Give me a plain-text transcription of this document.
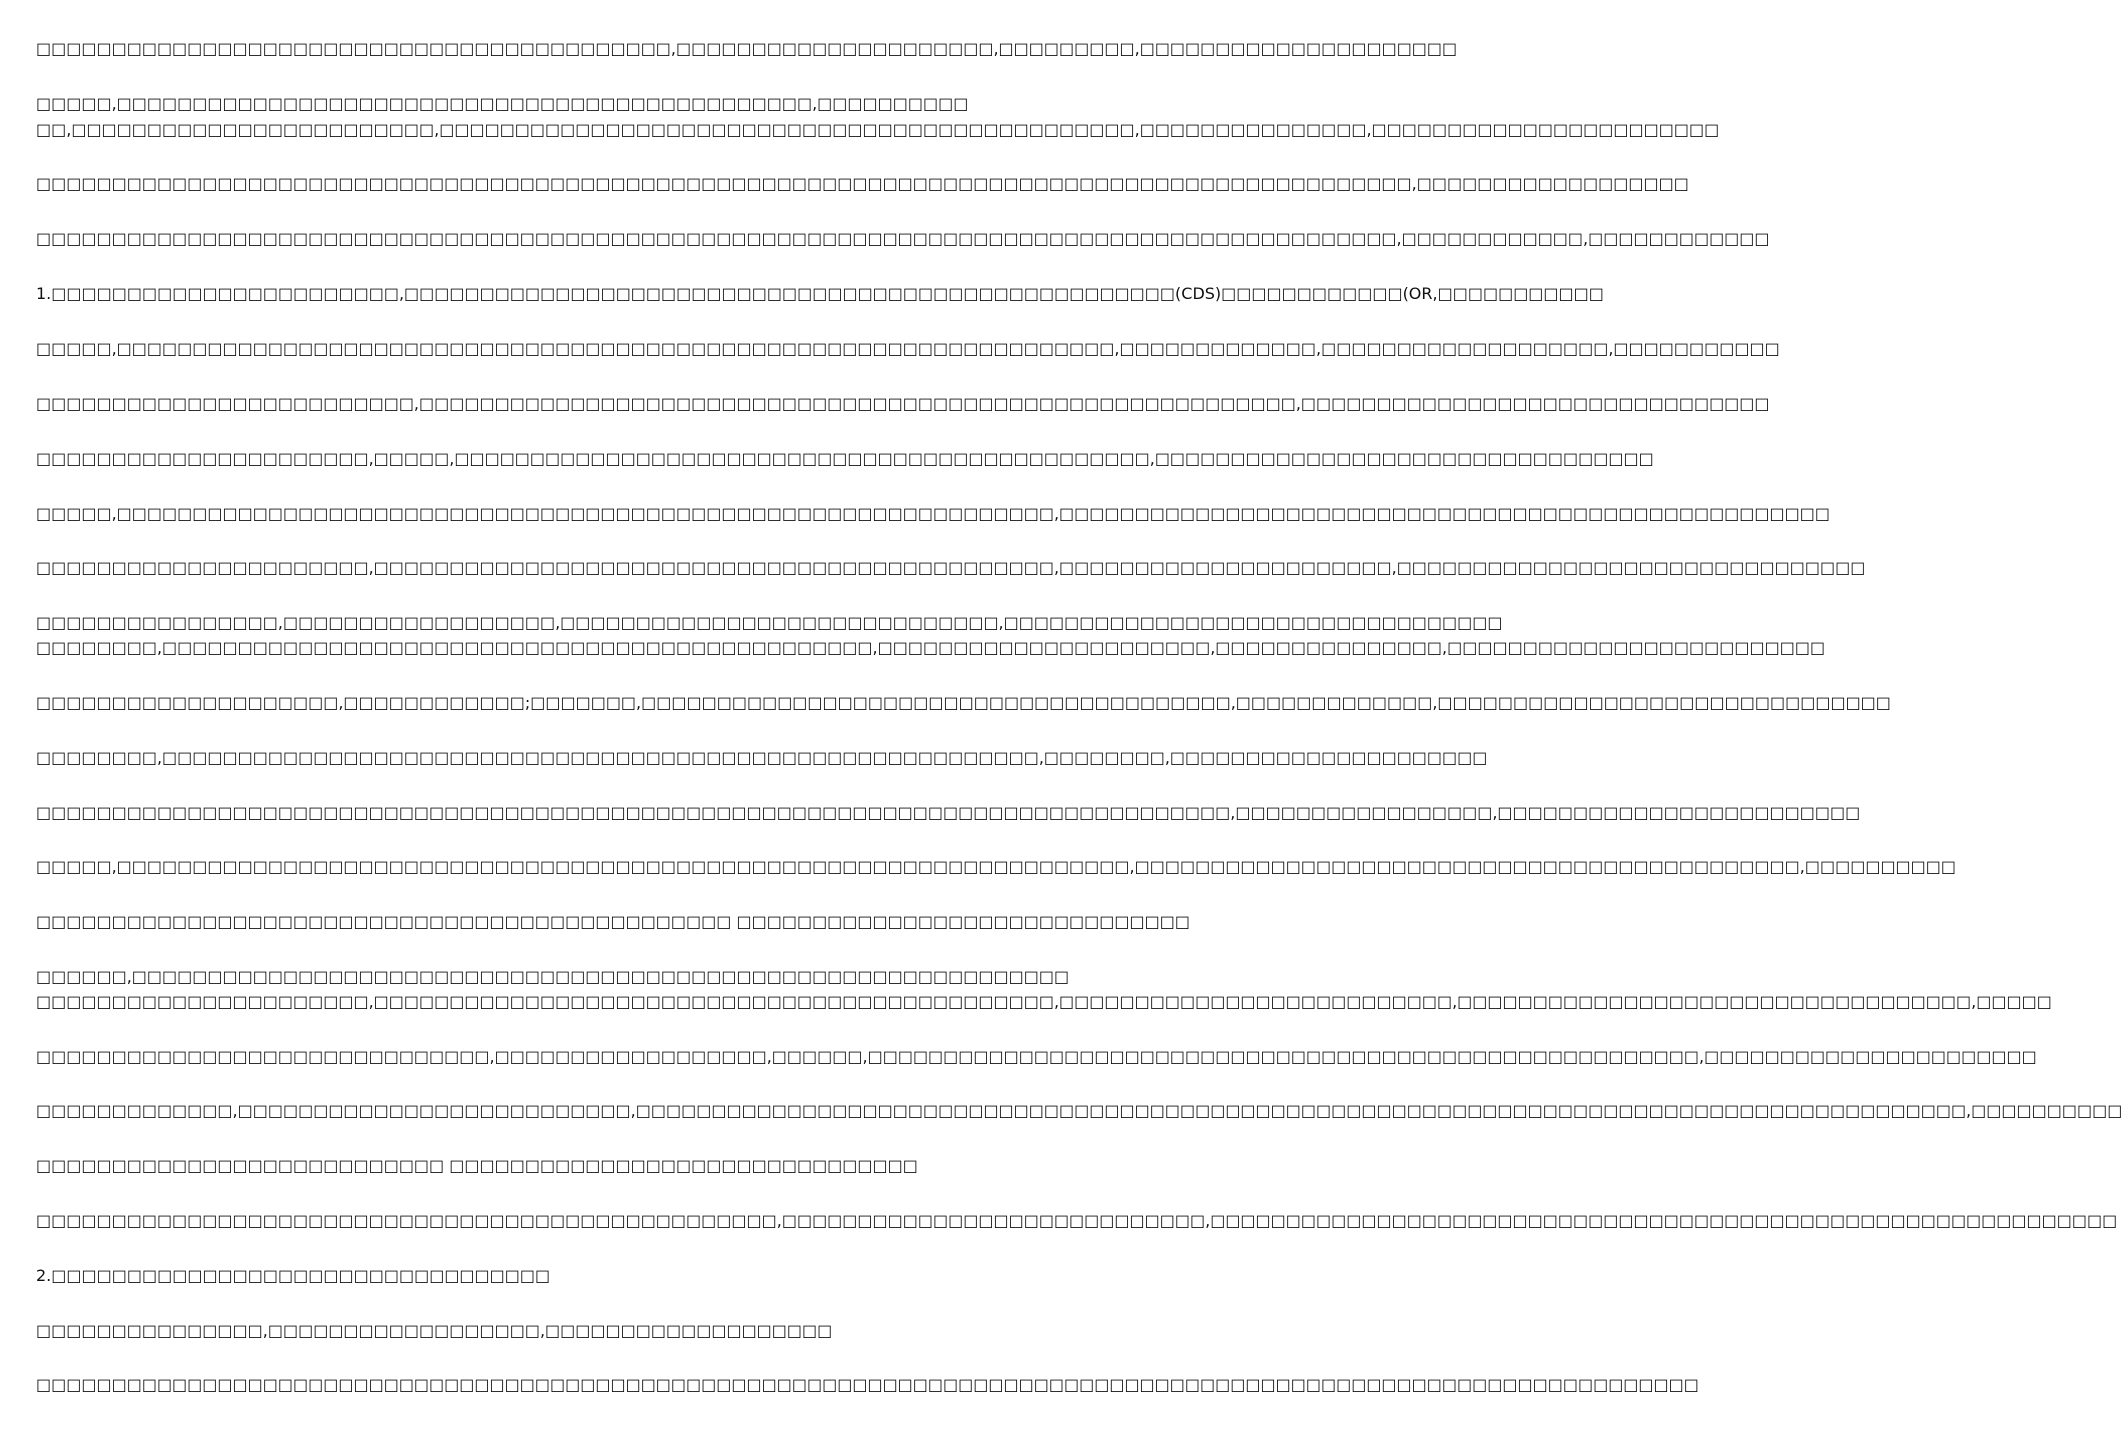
□□□□□□□□□□□□□□□□□□□□□□□□□□□□□□□□□□□□□□□□□□,□□□□□□□□□□□□□□□□□□□□□,□□□□□□□□□,□□□□□□□□□□□□□□□□□□□□□
□□□□□,□□□□□□□□□□□□□□□□□□□□□□□□□□□□□□□□□□□□□□□□□□□□□□,□□□□□□□□□□
□□,□□□□□□□□□□□□□□□□□□□□□□□□,□□□□□□□□□□□□□□□□□□□□□□□□□□□□□□□□□□□□□□□□□□□□□□,□□□□□□□□□□□□□□□,□□□□□□□□□□□□□□□□□□□□□□□
□□□□□□□□□□□□□□□□□□□□□□□□□□□□□□□□□□□□□□□□□□□□□□□□□□□□□□□□□□□□□□□□□□□□□□□□□□□□□□□□□□□□□□□□□□□,□□□□□□□□□□□□□□□□□□
□□□□□□□□□□□□□□□□□□□□□□□□□□□□□□□□□□□□□□□□□□□□□□□□□□□□□□□□□□□□□□□□□□□□□□□□□□□□□□□□□□□□□□□□□□,□□□□□□□□□□□□,□□□□□□□□□□□□
1.□□□□□□□□□□□□□□□□□□□□□□□,□□□□□□□□□□□□□□□□□□□□□□□□□□□□□□□□□□□□□□□□□□□□□□□□□□□(CDS)□□□□□□□□□□□□(OR,□□□□□□□□□□□
□□□□□,□□□□□□□□□□□□□□□□□□□□□□□□□□□□□□□□□□□□□□□□□□□□□□□□□□□□□□□□□□□□□□□□□□,□□□□□□□□□□□□□,□□□□□□□□□□□□□□□□□□□,□□□□□□□□□□□
□□□□□□□□□□□□□□□□□□□□□□□□□,□□□□□□□□□□□□□□□□□□□□□□□□□□□□□□□□□□□□□□□□□□□□□□□□□□□□□□□□□□,□□□□□□□□□□□□□□□□□□□□□□□□□□□□□□□
□□□□□□□□□□□□□□□□□□□□□□,□□□□□,□□□□□□□□□□□□□□□□□□□□□□□□□□□□□□□□□□□□□□□□□□□□□□,□□□□□□□□□□□□□□□□□□□□□□□□□□□□□□□□□
□□□□□,□□□□□□□□□□□□□□□□□□□□□□□□□□□□□□□□□□□□□□□□□□□□□□□□□□□□□□□□□□□□□□,□□□□□□□□□□□□□□□□□□□□□□□□□□□□□□□□□□□□□□□□□□□□□□□□□□□
□□□□□□□□□□□□□□□□□□□□□□,□□□□□□□□□□□□□□□□□□□□□□□□□□□□□□□□□□□□□□□□□□□□□,□□□□□□□□□□□□□□□□□□□□□□,□□□□□□□□□□□□□□□□□□□□□□□□□□□□□□□
□□□□□□□□□□□□□□□□,□□□□□□□□□□□□□□□□□□,□□□□□□□□□□□□□□□□□□□□□□□□□□□□□,□□□□□□□□□□□□□□□□□□□□□□□□□□□□□□□□□
□□□□□□□□,□□□□□□□□□□□□□□□□□□□□□□□□□□□□□□□□□□□□□□□□□□□□□□□,□□□□□□□□□□□□□□□□□□□□□□,□□□□□□□□□□□□□□□,□□□□□□□□□□□□□□□□□□□□□□□□□
□□□□□□□□□□□□□□□□□□□□,□□□□□□□□□□□□;□□□□□□□,□□□□□□□□□□□□□□□□□□□□□□□□□□□□□□□□□□□□□□□,□□□□□□□□□□□□□,□□□□□□□□□□□□□□□□□□□□□□□□□□□□□□
□□□□□□□□,□□□□□□□□□□□□□□□□□□□□□□□□□□□□□□□□□□□□□□□□□□□□□□□□□□□□□□□□□□,□□□□□□□□,□□□□□□□□□□□□□□□□□□□□□
□□□□□□□□□□□□□□□□□□□□□□□□□□□□□□□□□□□□□□□□□□□□□□□□□□□□□□□□□□□□□□□□□□□□□□□□□□□□□□□,□□□□□□□□□□□□□□□□□,□□□□□□□□□□□□□□□□□□□□□□□□
□□□□□,□□□□□□□□□□□□□□□□□□□□□□□□□□□□□□□□□□□□□□□□□□□□□□□□□□□□□□□□□□□□□□□□□□□,□□□□□□□□□□□□□□□□□□□□□□□□□□□□□□□□□□□□□□□□□□□□,□□□□□□□□□□
□□□□□□□□□□□□□□□□□□□□□□□□□□□□□□□□□□□□□□□□□□□□□□ □□□□□□□□□□□□□□□□□□□□□□□□□□□□□□
□□□□□□,□□□□□□□□□□□□□□□□□□□□□□□□□□□□□□□□□□□□□□□□□□□□□□□□□□□□□□□□□□□□□□
□□□□□□□□□□□□□□□□□□□□□□,□□□□□□□□□□□□□□□□□□□□□□□□□□□□□□□□□□□□□□□□□□□□□,□□□□□□□□□□□□□□□□□□□□□□□□□□,□□□□□□□□□□□□□□□□□□□□□□□□□□□□□□□□□□,□□□□□
□□□□□□□□□□□□□□□□□□□□□□□□□□□□□□,□□□□□□□□□□□□□□□□□□,□□□□□□,□□□□□□□□□□□□□□□□□□□□□□□□□□□□□□□□□□□□□□□□□□□□□□□□□□□□□□□,□□□□□□□□□□□□□□□□□□□□□□
□□□□□□□□□□□□□,□□□□□□□□□□□□□□□□□□□□□□□□□□,□□□□□□□□□□□□□□□□□□□□□□□□□□□□□□□□□□□□□□□□□□□□□□□□□□□□□□□□□□□□□□□□□□□□□□□□□□□□□□□□□□□□□□□□,□□□□□□□□□□
□□□□□□□□□□□□□□□□□□□□□□□□□□□ □□□□□□□□□□□□□□□□□□□□□□□□□□□□□□□
□□□□□□□□□□□□□□□□□□□□□□□□□□□□□□□□□□□□□□□□□□□□□□□□□,□□□□□□□□□□□□□□□□□□□□□□□□□□□□,□□□□□□□□□□□□□□□□□□□□□□□□□□□□□□□□□□□□□□□□□□□□□□□□□□□□□□□□□□□□
2.□□□□□□□□□□□□□□□□□□□□□□□□□□□□□□□□□
□□□□□□□□□□□□□□□,□□□□□□□□□□□□□□□□□□,□□□□□□□□□□□□□□□□□□□
□□□□□□□□□□□□□□□□□□□□□□□□□□□□□□□□□□□□□□□□□□□□□□□□□□□□□□□□□□□□□□□□□□□□□□□□□□□□□□□□□□□□□□□□□□□□□□□□□□□□□□□□□□□□□□
